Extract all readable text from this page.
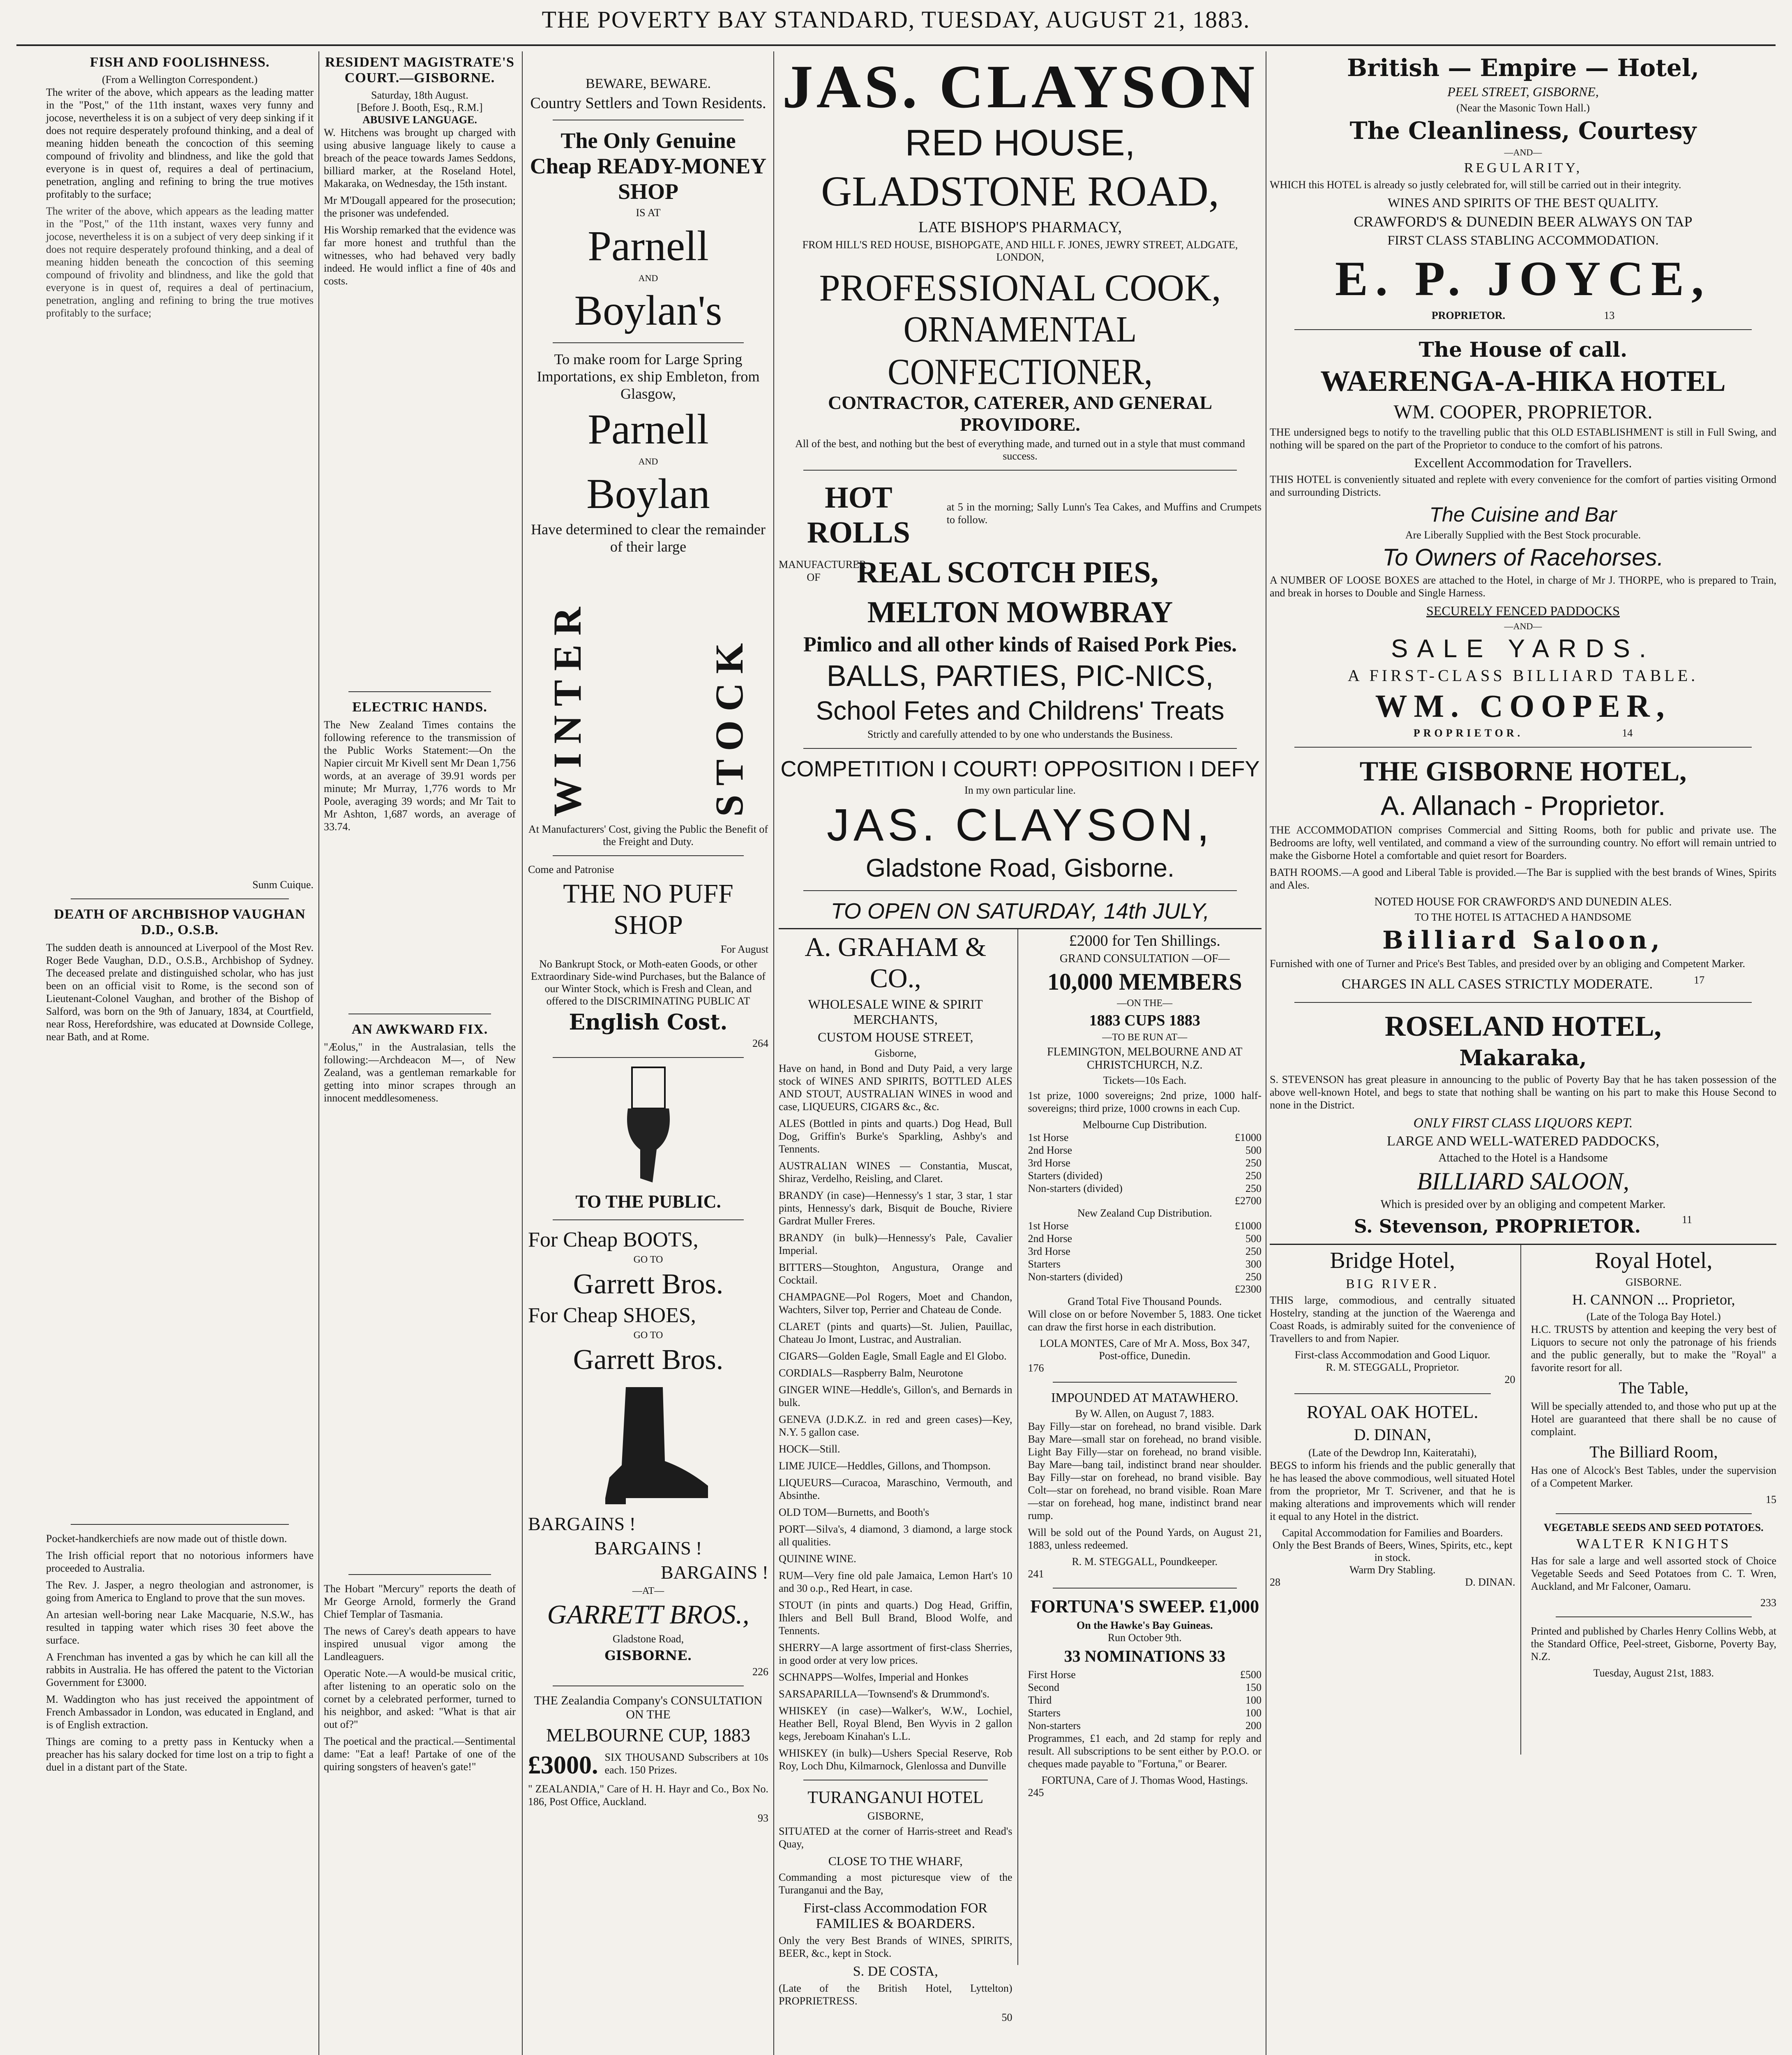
THE POVERTY BAY STANDARD, TUESDAY, AUGUST 21, 1883.
FISH AND FOOLISHNESS.
(From a Wellington Correspondent.)

The writer of the above, which appears as the leading matter in the "Post," of the 11th instant, waxes very funny and jocose, nevertheless it is on a subject of very deep sinking if it does not require desperately profound thinking, and a deal of meaning hidden beneath the concoction of this seeming compound of frivolity and blindness, and like the gold that everyone is in quest of, requires a deal of pertinacium, penetration, angling and refining to bring the true motives profitably to the surface;

The writer of the above, which appears as the leading matter in the "Post," of the 11th instant, waxes very funny and jocose, nevertheless it is on a subject of very deep sinking if it does not require desperately profound thinking, and a deal of meaning hidden beneath the concoction of this seeming compound of frivolity and blindness, and like the gold that everyone is in quest of, requires a deal of pertinacium, penetration, angling and refining to bring the true motives profitably to the surface;

Sunm Cuique.
DEATH OF ARCHBISHOP VAUGHAN D.D., O.S.B.

The sudden death is announced at Liverpool of the Most Rev. Roger Bede Vaughan, D.D., O.S.B., Archbishop of Sydney. The deceased prelate and distinguished scholar, who has just been on an official visit to Rome, is the second son of Lieutenant-Colonel Vaughan, and brother of the Bishop of Salford, was born on the 9th of January, 1834, at Courtfield, near Ross, Herefordshire, was educated at Downside College, near Bath, and at Rome.

Pocket-handkerchiefs are now made out of thistle down.

The Irish official report that no notorious informers have proceeded to Australia.

The Rev. J. Jasper, a negro theologian and astronomer, is going from America to England to prove that the sun moves.

An artesian well-boring near Lake Macquarie, N.S.W., has resulted in tapping water which rises 30 feet above the surface.

A Frenchman has invented a gas by which he can kill all the rabbits in Australia. He has offered the patent to the Victorian Government for £3000.

M. Waddington who has just received the appointment of French Ambassador in London, was educated in England, and is of English extraction.

Things are coming to a pretty pass in Kentucky when a preacher has his salary docked for time lost on a trip to fight a duel in a distant part of the State.

RESIDENT MAGISTRATE'S COURT.—GISBORNE.
Saturday, 18th August.
[Before J. Booth, Esq., R.M.]
ABUSIVE LANGUAGE.

W. Hitchens was brought up charged with using abusive language likely to cause a breach of the peace towards James Seddons, billiard marker, at the Roseland Hotel, Makaraka, on Wednesday, the 15th instant.

Mr M'Dougall appeared for the prosecution; the prisoner was undefended.

His Worship remarked that the evidence was far more honest and truthful than the witnesses, who had behaved very badly indeed. He would inflict a fine of 40s and costs.

ELECTRIC HANDS.

The New Zealand Times contains the following reference to the transmission of the Public Works Statement:—On the Napier circuit Mr Kivell sent Mr Dean 1,756 words, at an average of 39.91 words per minute; Mr Murray, 1,776 words to Mr Poole, averaging 39 words; and Mr Tait to Mr Ashton, 1,687 words, an average of 33.74.

AN AWKWARD FIX.

"Æolus," in the Australasian, tells the following:—Archdeacon M—, of New Zealand, was a gentleman remarkable for getting into minor scrapes through an innocent meddlesomeness.

The Hobart "Mercury" reports the death of Mr George Arnold, formerly the Grand Chief Templar of Tasmania.

The news of Carey's death appears to have inspired unusual vigor among the Landleaguers.

Operatic Note.—A would-be musical critic, after listening to an operatic solo on the cornet by a celebrated performer, turned to his neighbor, and asked: "What is that air out of?"

The poetical and the practical.—Sentimental dame: "Eat a leaf! Partake of one of the quiring songsters of heaven's gate!"

BEWARE, BEWARE.
Country Settlers and Town Residents.
The Only Genuine Cheap READY-MONEY SHOP
IS AT
Parnell
AND
Boylan's
To make room for Large Spring Importations, ex ship Embleton, from Glasgow,
Parnell
AND
Boylan
Have determined to clear the remainder of their large
WINTER	STOCK
At Manufacturers' Cost, giving the Public the Benefit of the Freight and Duty.
Come and Patronise
THE NO PUFF SHOP
For August
No Bankrupt Stock, or Moth-eaten Goods, or other Extraordinary Side-wind Purchases, but the Balance of our Winter Stock, which is Fresh and Clean, and offered to the DISCRIMINATING PUBLIC AT
English Cost.
264
TO THE PUBLIC.
For Cheap BOOTS,
GO TO
Garrett Bros.
For Cheap SHOES,
GO TO
Garrett Bros.
BARGAINS !
BARGAINS !
BARGAINS !
—AT—
GARRETT BROS.,
Gladstone Road,
GISBORNE.
226
THE Zealandia Company's CONSULTATION ON THE
MELBOURNE CUP, 1883
£3000. SIX THOUSAND Subscribers at 10s each. 150 Prizes.
" ZEALANDIA," Care of H. H. Hayr and Co., Box No. 186, Post Office, Auckland.
93
JAS. CLAYSON
RED HOUSE,
GLADSTONE ROAD,
LATE BISHOP'S PHARMACY,
FROM HILL'S RED HOUSE, BISHOPGATE, AND HILL F. JONES, JEWRY STREET, ALDGATE, LONDON,
PROFESSIONAL COOK,
ORNAMENTAL CONFECTIONER,
CONTRACTOR, CATERER, AND GENERAL PROVIDORE.
All of the best, and nothing but the best of everything made, and turned out in a style that must command success.
HOT ROLLS
at 5 in the morning; Sally Lunn's Tea Cakes, and Muffins and Crumpets to follow.
MANUFACTURER OF	REAL SCOTCH PIES,
MELTON MOWBRAY
Pimlico and all other kinds of Raised Pork Pies.
BALLS, PARTIES, PIC-NICS,
School Fetes and Childrens' Treats
Strictly and carefully attended to by one who understands the Business.
COMPETITION I COURT! OPPOSITION I DEFY
In my own particular line.
JAS. CLAYSON,
Gladstone Road, Gisborne.
TO OPEN ON SATURDAY, 14th JULY,
A. GRAHAM & CO.,
WHOLESALE WINE & SPIRIT MERCHANTS,
CUSTOM HOUSE STREET,
Gisborne,

Have on hand, in Bond and Duty Paid, a very large stock of WINES AND SPIRITS, BOTTLED ALES AND STOUT, AUSTRALIAN WINES in wood and case, LIQUEURS, CIGARS &c., &c.

ALES (Bottled in pints and quarts.) Dog Head, Bull Dog, Griffin's Burke's Sparkling, Ashby's and Tennents.

AUSTRALIAN WINES — Constantia, Muscat, Shiraz, Verdelho, Reisling, and Claret.

BRANDY (in case)—Hennessy's 1 star, 3 star, 1 star pints, Hennessy's dark, Bisquit de Bouche, Riviere Gardrat Muller Freres.

BRANDY (in bulk)—Hennessy's Pale, Cavalier Imperial.

BITTERS—Stoughton, Angustura, Orange and Cocktail.

CHAMPAGNE—Pol Rogers, Moet and Chandon, Wachters, Silver top, Perrier and Chateau de Conde.

CLARET (pints and quarts)—St. Julien, Pauillac, Chateau Jo Imont, Lustrac, and Australian.

CIGARS—Golden Eagle, Small Eagle and El Globo.

CORDIALS—Raspberry Balm, Neurotone

GINGER WINE—Heddle's, Gillon's, and Bernards in bulk.

GENEVA (J.D.K.Z. in red and green cases)—Key, N.Y. 5 gallon case.

HOCK—Still.

LIME JUICE—Heddles, Gillons, and Thompson.

LIQUEURS—Curacoa, Maraschino, Vermouth, and Absinthe.

OLD TOM—Burnetts, and Booth's

PORT—Silva's, 4 diamond, 3 diamond, a large stock all qualities.

QUININE WINE.

RUM—Very fine old pale Jamaica, Lemon Hart's 10 and 30 o.p., Red Heart, in case.

STOUT (in pints and quarts.) Dog Head, Griffin, Ihlers and Bell Bull Brand, Blood Wolfe, and Tennents.

SHERRY—A large assortment of first-class Sherries, in good order at very low prices.

SCHNAPPS—Wolfes, Imperial and Honkes

SARSAPARILLA—Townsend's & Drummond's.

WHISKEY (in case)—Walker's, W.W., Lochiel, Heather Bell, Royal Blend, Ben Wyvis in 2 gallon kegs, Jereboam Kinahan's L.L.

WHISKEY (in bulk)—Ushers Special Reserve, Rob Roy, Loch Dhu, Kilmarnock, Glenlossa and Dunville

TURANGANUI HOTEL
GISBORNE,

SITUATED at the corner of Harris-street and Read's Quay,

CLOSE TO THE WHARF,

Commanding a most picturesque view of the Turanganui and the Bay,

First-class Accommodation FOR FAMILIES & BOARDERS.

Only the very Best Brands of WINES, SPIRITS, BEER, &c., kept in Stock.

S. DE COSTA,
(Late of the British Hotel, Lyttelton) PROPRIETRESS.
50
£2000 for Ten Shillings.
GRAND CONSULTATION —OF—
10,000 MEMBERS
—ON THE—
1883 CUPS 1883
—TO BE RUN AT—
FLEMINGTON, MELBOURNE AND AT CHRISTCHURCH, N.Z.
Tickets—10s Each.

1st prize, 1000 sovereigns; 2nd prize, 1000 half-sovereigns; third prize, 1000 crowns in each Cup.

Melbourne Cup Distribution.
1st Horse	£1000
2nd Horse	500
3rd Horse	250
Starters (divided)	250
Non-starters (divided)	250
£2700
New Zealand Cup Distribution.
1st Horse	£1000
2nd Horse	500
3rd Horse	250
Starters	300
Non-starters (divided)	250
£2300
Grand Total Five Thousand Pounds.

Will close on or before November 5, 1883. One ticket can draw the first horse in each distribution.

LOLA MONTES, Care of Mr A. Moss, Box 347, Post-office, Dunedin.
176
IMPOUNDED AT MATAWHERO.
By W. Allen, on August 7, 1883.

Bay Filly—star on forehead, no brand visible. Dark Bay Mare—small star on forehead, no brand visible. Light Bay Filly—star on forehead, no brand visible. Bay Mare—bang tail, indistinct brand near shoulder. Bay Filly—star on forehead, no brand visible. Bay Colt—star on forehead, no brand visible. Roan Mare—star on forehead, hog mane, indistinct brand near rump.

Will be sold out of the Pound Yards, on August 21, 1883, unless redeemed.

R. M. STEGGALL, Poundkeeper.
241
FORTUNA'S SWEEP. £1,000
On the Hawke's Bay Guineas.
Run October 9th.
33 NOMINATIONS 33
First Horse	£500
Second	150
Third	100
Starters	100
Non-starters	200

Programmes, £1 each, and 2d stamp for reply and result. All subscriptions to be sent either by P.O.O. or cheques made payable to "Fortuna," or Bearer.

FORTUNA, Care of J. Thomas Wood, Hastings.
245
British — Empire — Hotel,
PEEL STREET, GISBORNE,
(Near the Masonic Town Hall.)
The Cleanliness, Courtesy
—AND—
REGULARITY,

WHICH this HOTEL is already so justly celebrated for, will still be carried out in their integrity.

WINES AND SPIRITS OF THE BEST QUALITY.
CRAWFORD'S & DUNEDIN BEER ALWAYS ON TAP
FIRST CLASS STABLING ACCOMMODATION.
E. P. JOYCE,
PROPRIETOR.	13
The House of call.
WAERENGA-A-HIKA HOTEL
WM. COOPER, PROPRIETOR.

THE undersigned begs to notify to the travelling public that this OLD ESTABLISHMENT is still in Full Swing, and nothing will be spared on the part of the Proprietor to conduce to the comfort of his patrons.

Excellent Accommodation for Travellers.

THIS HOTEL is conveniently situated and replete with every convenience for the comfort of parties visiting Ormond and surrounding Districts.

The Cuisine and Bar
Are Liberally Supplied with the Best Stock procurable.
To Owners of Racehorses.

A NUMBER OF LOOSE BOXES are attached to the Hotel, in charge of Mr J. THORPE, who is prepared to Train, and break in horses to Double and Single Harness.

SECURELY FENCED PADDOCKS
—AND—
SALE YARDS.
A FIRST-CLASS BILLIARD TABLE.
WM. COOPER,
PROPRIETOR.	14
THE GISBORNE HOTEL,
A. Allanach - Proprietor.

THE ACCOMMODATION comprises Commercial and Sitting Rooms, both for public and private use. The Bedrooms are lofty, well ventilated, and command a view of the surrounding country. No effort will remain untried to make the Gisborne Hotel a comfortable and quiet resort for Boarders.

BATH ROOMS.—A good and Liberal Table is provided.—The Bar is supplied with the best brands of Wines, Spirits and Ales.

NOTED HOUSE FOR CRAWFORD'S AND DUNEDIN ALES.
TO THE HOTEL IS ATTACHED A HANDSOME
Billiard Saloon,

Furnished with one of Turner and Price's Best Tables, and presided over by an obliging and Competent Marker.

CHARGES IN ALL CASES STRICTLY MODERATE.	17
ROSELAND HOTEL,
Makaraka,

S. STEVENSON has great pleasure in announcing to the public of Poverty Bay that he has taken possession of the above well-known Hotel, and begs to state that nothing shall be wanting on his part to make this House Second to none in the District.

ONLY FIRST CLASS LIQUORS KEPT.
LARGE AND WELL-WATERED PADDOCKS,
Attached to the Hotel is a Handsome
BILLIARD SALOON,
Which is presided over by an obliging and competent Marker.
S. Stevenson, PROPRIETOR.	11
Bridge Hotel,
BIG RIVER.

THIS large, commodious, and centrally situated Hostelry, standing at the junction of the Waerenga and Coast Roads, is admirably suited for the convenience of Travellers to and from Napier.

First-class Accommodation and Good Liquor.
R. M. STEGGALL, Proprietor.
20
ROYAL OAK HOTEL.
D. DINAN,
(Late of the Dewdrop Inn, Kaiteratahi),

BEGS to inform his friends and the public generally that he has leased the above commodious, well situated Hotel from the proprietor, Mr T. Scrivener, and that he is making alterations and improvements which will render it equal to any Hotel in the district.

Capital Accommodation for Families and Boarders.
Only the Best Brands of Beers, Wines, Spirits, etc., kept in stock.
Warm Dry Stabling.
28	D. DINAN.
Royal Hotel,
GISBORNE.
H. CANNON ... Proprietor,
(Late of the Tologa Bay Hotel.)

H.C. TRUSTS by attention and keeping the very best of Liquors to secure not only the patronage of his friends and the public generally, but to make the "Royal" a favorite resort for all.

The Table,

Will be specially attended to, and those who put up at the Hotel are guaranteed that there shall be no cause of complaint.

The Billiard Room,

Has one of Alcock's Best Tables, under the supervision of a Competent Marker.

15
VEGETABLE SEEDS AND SEED POTATOES.
WALTER KNIGHTS

Has for sale a large and well assorted stock of Choice Vegetable Seeds and Seed Potatoes from C. T. Wren, Auckland, and Mr Falconer, Oamaru.

233

Printed and published by Charles Henry Collins Webb, at the Standard Office, Peel-street, Gisborne, Poverty Bay, N.Z.

Tuesday, August 21st, 1883.
